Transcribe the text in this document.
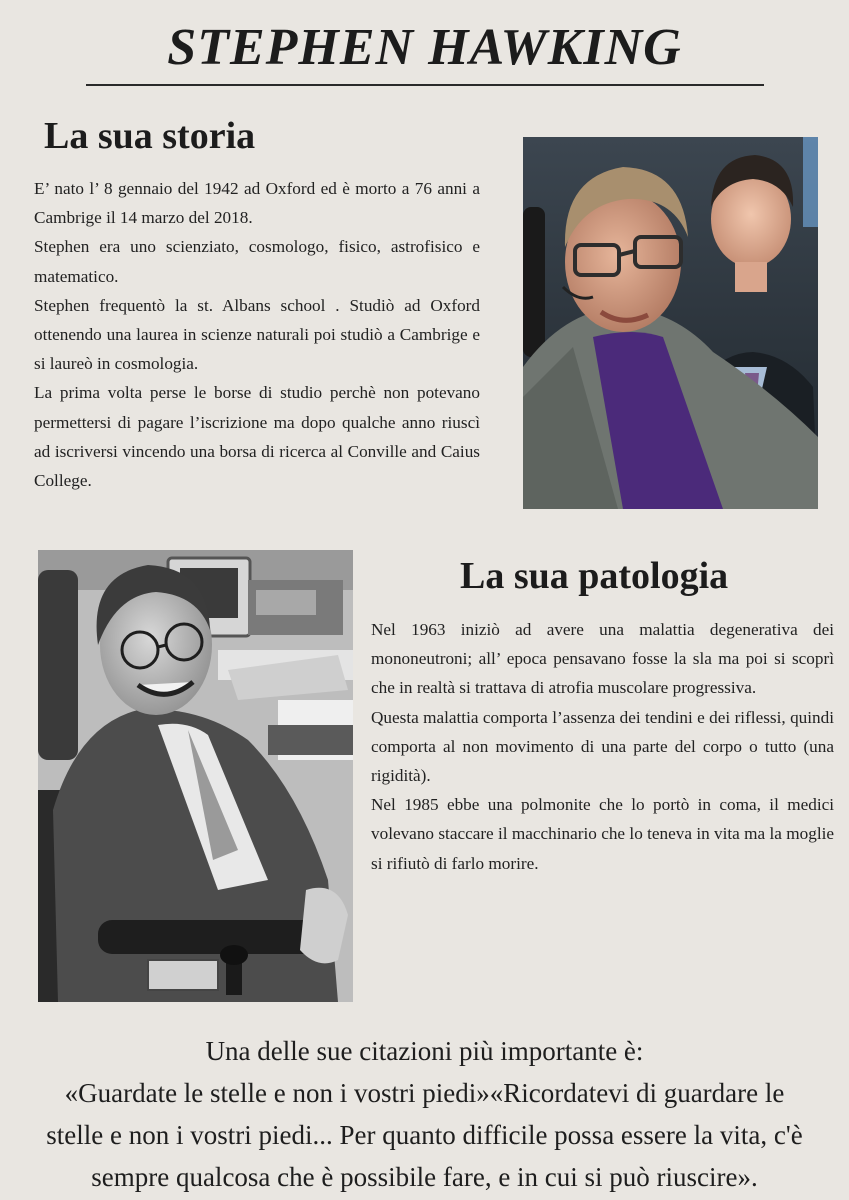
STEPHEN HAWKING
La sua storia

E’ nato l’ 8 gennaio del 1942 ad Oxford ed è morto a 76 anni a Cambrige il 14 marzo del 2018.

Stephen era uno scienziato, cosmologo, fisico, astrofisico e matematico.

Stephen frequentò la st. Albans school . Studiò ad Oxford ottenendo una laurea in scienze naturali poi studiò a Cambrige e si laureò in cosmologia.

La prima volta perse le borse di studio perchè non potevano permettersi di pagare l’iscrizione ma dopo qualche anno riuscì ad iscriversi vincendo una borsa di ricerca al Conville and Caius College.

La sua patologia

Nel 1963 iniziò ad avere una malattia degenerativa dei mononeutroni; all’ epoca pensavano fosse la sla ma poi si scoprì che in realtà si trattava di atrofia muscolare progressiva.

Questa malattia comporta l’assenza dei tendini e dei riflessi, quindi comporta al non movimento di una parte del corpo o tutto (una rigidità).

Nel 1985 ebbe una polmonite che lo portò in coma, il medici volevano staccare il macchinario che lo teneva in vita ma la moglie si rifiutò di farlo morire.

Una delle sue citazioni più importante è:
«Guardate le stelle e non i vostri piedi»«Ricordatevi di guardare le
stelle e non i vostri piedi... Per quanto difficile possa essere la vita, c'è
sempre qualcosa che è possibile fare, e in cui si può riuscire».
